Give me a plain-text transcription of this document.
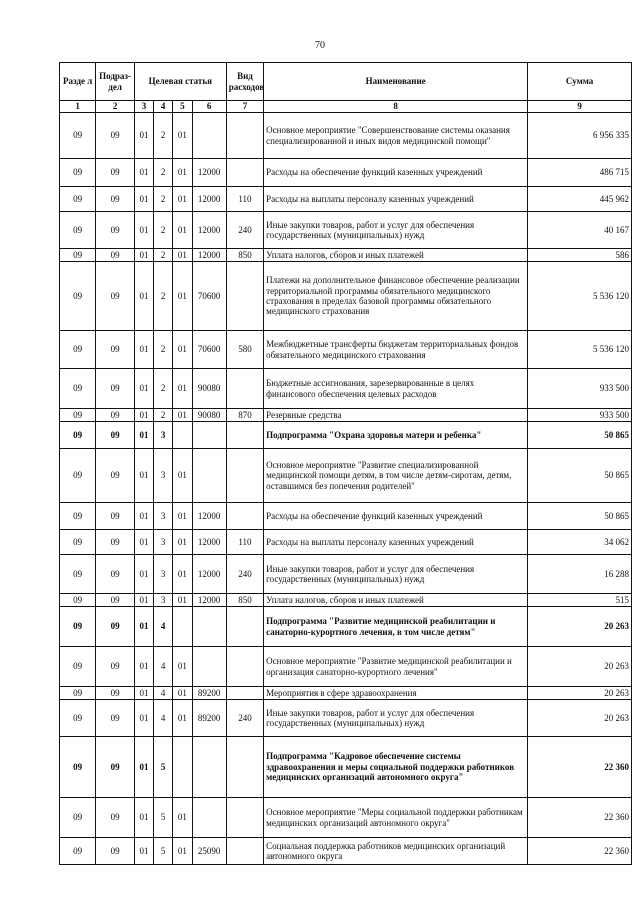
70
Разде л	Подраз- дел	Целевая статья				Вид расходов	Наименование	Сумма
1	2	3	4	5	6	7	8	9
09	09	01	2	01			Основное мероприятие "Совершенствование системы оказания специализированной и иных видов медицинской помощи"	6 956 335
09	09	01	2	01	12000		Расходы на обеспечение функций казенных учреждений	486 715
09	09	01	2	01	12000	110	Расходы на выплаты персоналу казенных учреждений	445 962
09	09	01	2	01	12000	240	Иные закупки товаров, работ и услуг для обеспечения государственных (муниципальных) нужд	40 167
09	09	01	2	01	12000	850	Уплата налогов, сборов и иных платежей	586
09	09	01	2	01	70600		Платежи на дополнительное финансовое обеспечение реализации территориальной программы обязательного медицинского страхования в пределах базовой программы обязательного медицинского страхования	5 536 120
09	09	01	2	01	70600	580	Межбюджетные трансферты бюджетам территориальных фондов обязательного медицинского страхования	5 536 120
09	09	01	2	01	90080		Бюджетные ассигнования, зарезервированные в целях финансового обеспечения целевых расходов	933 500
09	09	01	2	01	90080	870	Резервные средства	933 500
09	09	01	3				Подпрограмма "Охрана здоровья матери и ребенка"	50 865
09	09	01	3	01			Основное мероприятие "Развитие специализированной медицинской помощи детям, в том числе детям-сиротам, детям, оставшимся без попечения родителей"	50 865
09	09	01	3	01	12000		Расходы на обеспечение функций казенных учреждений	50 865
09	09	01	3	01	12000	110	Расходы на выплаты персоналу казенных учреждений	34 062
09	09	01	3	01	12000	240	Иные закупки товаров, работ и услуг для обеспечения государственных (муниципальных) нужд	16 288
09	09	01	3	01	12000	850	Уплата налогов, сборов и иных платежей	515
09	09	01	4				Подпрограмма "Развитие медицинской реабилитации и санаторно-курортного лечения, в том числе детям"	20 263
09	09	01	4	01			Основное мероприятие "Развитие медицинской реабилитации и организация санаторно-курортного лечения"	20 263
09	09	01	4	01	89200		Мероприятия в сфере здравоохранения	20 263
09	09	01	4	01	89200	240	Иные закупки товаров, работ и услуг для обеспечения государственных (муниципальных) нужд	20 263
09	09	01	5				Подпрограмма "Кадровое обеспечение системы здравоохранения и меры социальной поддержки работников медицинских организаций автономного округа"	22 360
09	09	01	5	01			Основное мероприятие "Меры социальной поддержки работникам медицинских организаций автономного округа"	22 360
09	09	01	5	01	25090		Социальная поддержка работников медицинских организаций автономного округа	22 360
